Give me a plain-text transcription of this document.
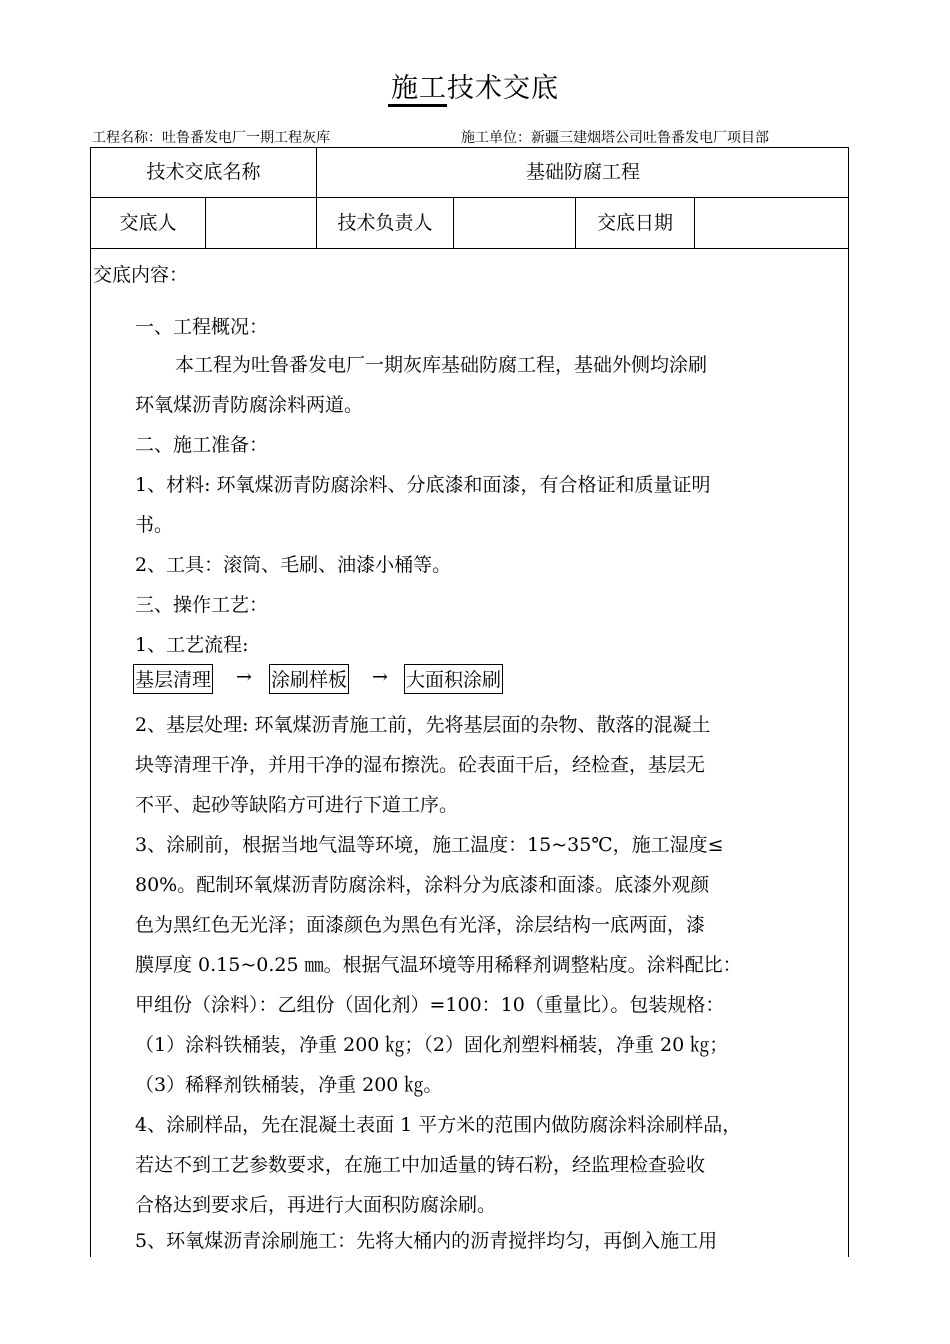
施工技术交底
工程名称：吐鲁番发电厂一期工程灰库	施工单位：新疆三建烟塔公司吐鲁番发电厂项目部
技术交底名称	基础防腐工程
交底人	技术负责人	交底日期
交底内容：
一、工程概况：
本工程为吐鲁番发电厂一期灰库基础防腐工程，基础外侧均涂刷
环氧煤沥青防腐涂料两道。
二、施工准备：
1、材料: 环氧煤沥青防腐涂料、分底漆和面漆，有合格证和质量证明
书。
2、工具：滚筒、毛刷、油漆小桶等。
三、操作工艺：
1、工艺流程:
基层清理 → 涂刷样板 → 大面积涂刷
2、基层处理: 环氧煤沥青施工前，先将基层面的杂物、散落的混凝土
块等清理干净，并用干净的湿布擦洗。砼表面干后，经检查，基层无
不平、起砂等缺陷方可进行下道工序。
3、涂刷前，根据当地气温等环境，施工温度：15~35℃，施工湿度≤
80%。配制环氧煤沥青防腐涂料，涂料分为底漆和面漆。底漆外观颜
色为黑红色无光泽；面漆颜色为黑色有光泽，涂层结构一底两面，漆
膜厚度 0.15~0.25 ㎜。根据气温环境等用稀释剂调整粘度。涂料配比：
甲组份（涂料）：乙组份（固化剂）=100：10（重量比）。包装规格：
（1）涂料铁桶装，净重 200 ㎏；（2）固化剂塑料桶装，净重 20 ㎏；
（3）稀释剂铁桶装，净重 200 ㎏。
4、涂刷样品，先在混凝土表面 1 平方米的范围内做防腐涂料涂刷样品，
若达不到工艺参数要求，在施工中加适量的铸石粉，经监理检查验收
合格达到要求后，再进行大面积防腐涂刷。
5、环氧煤沥青涂刷施工：先将大桶内的沥青搅拌均匀，再倒入施工用
